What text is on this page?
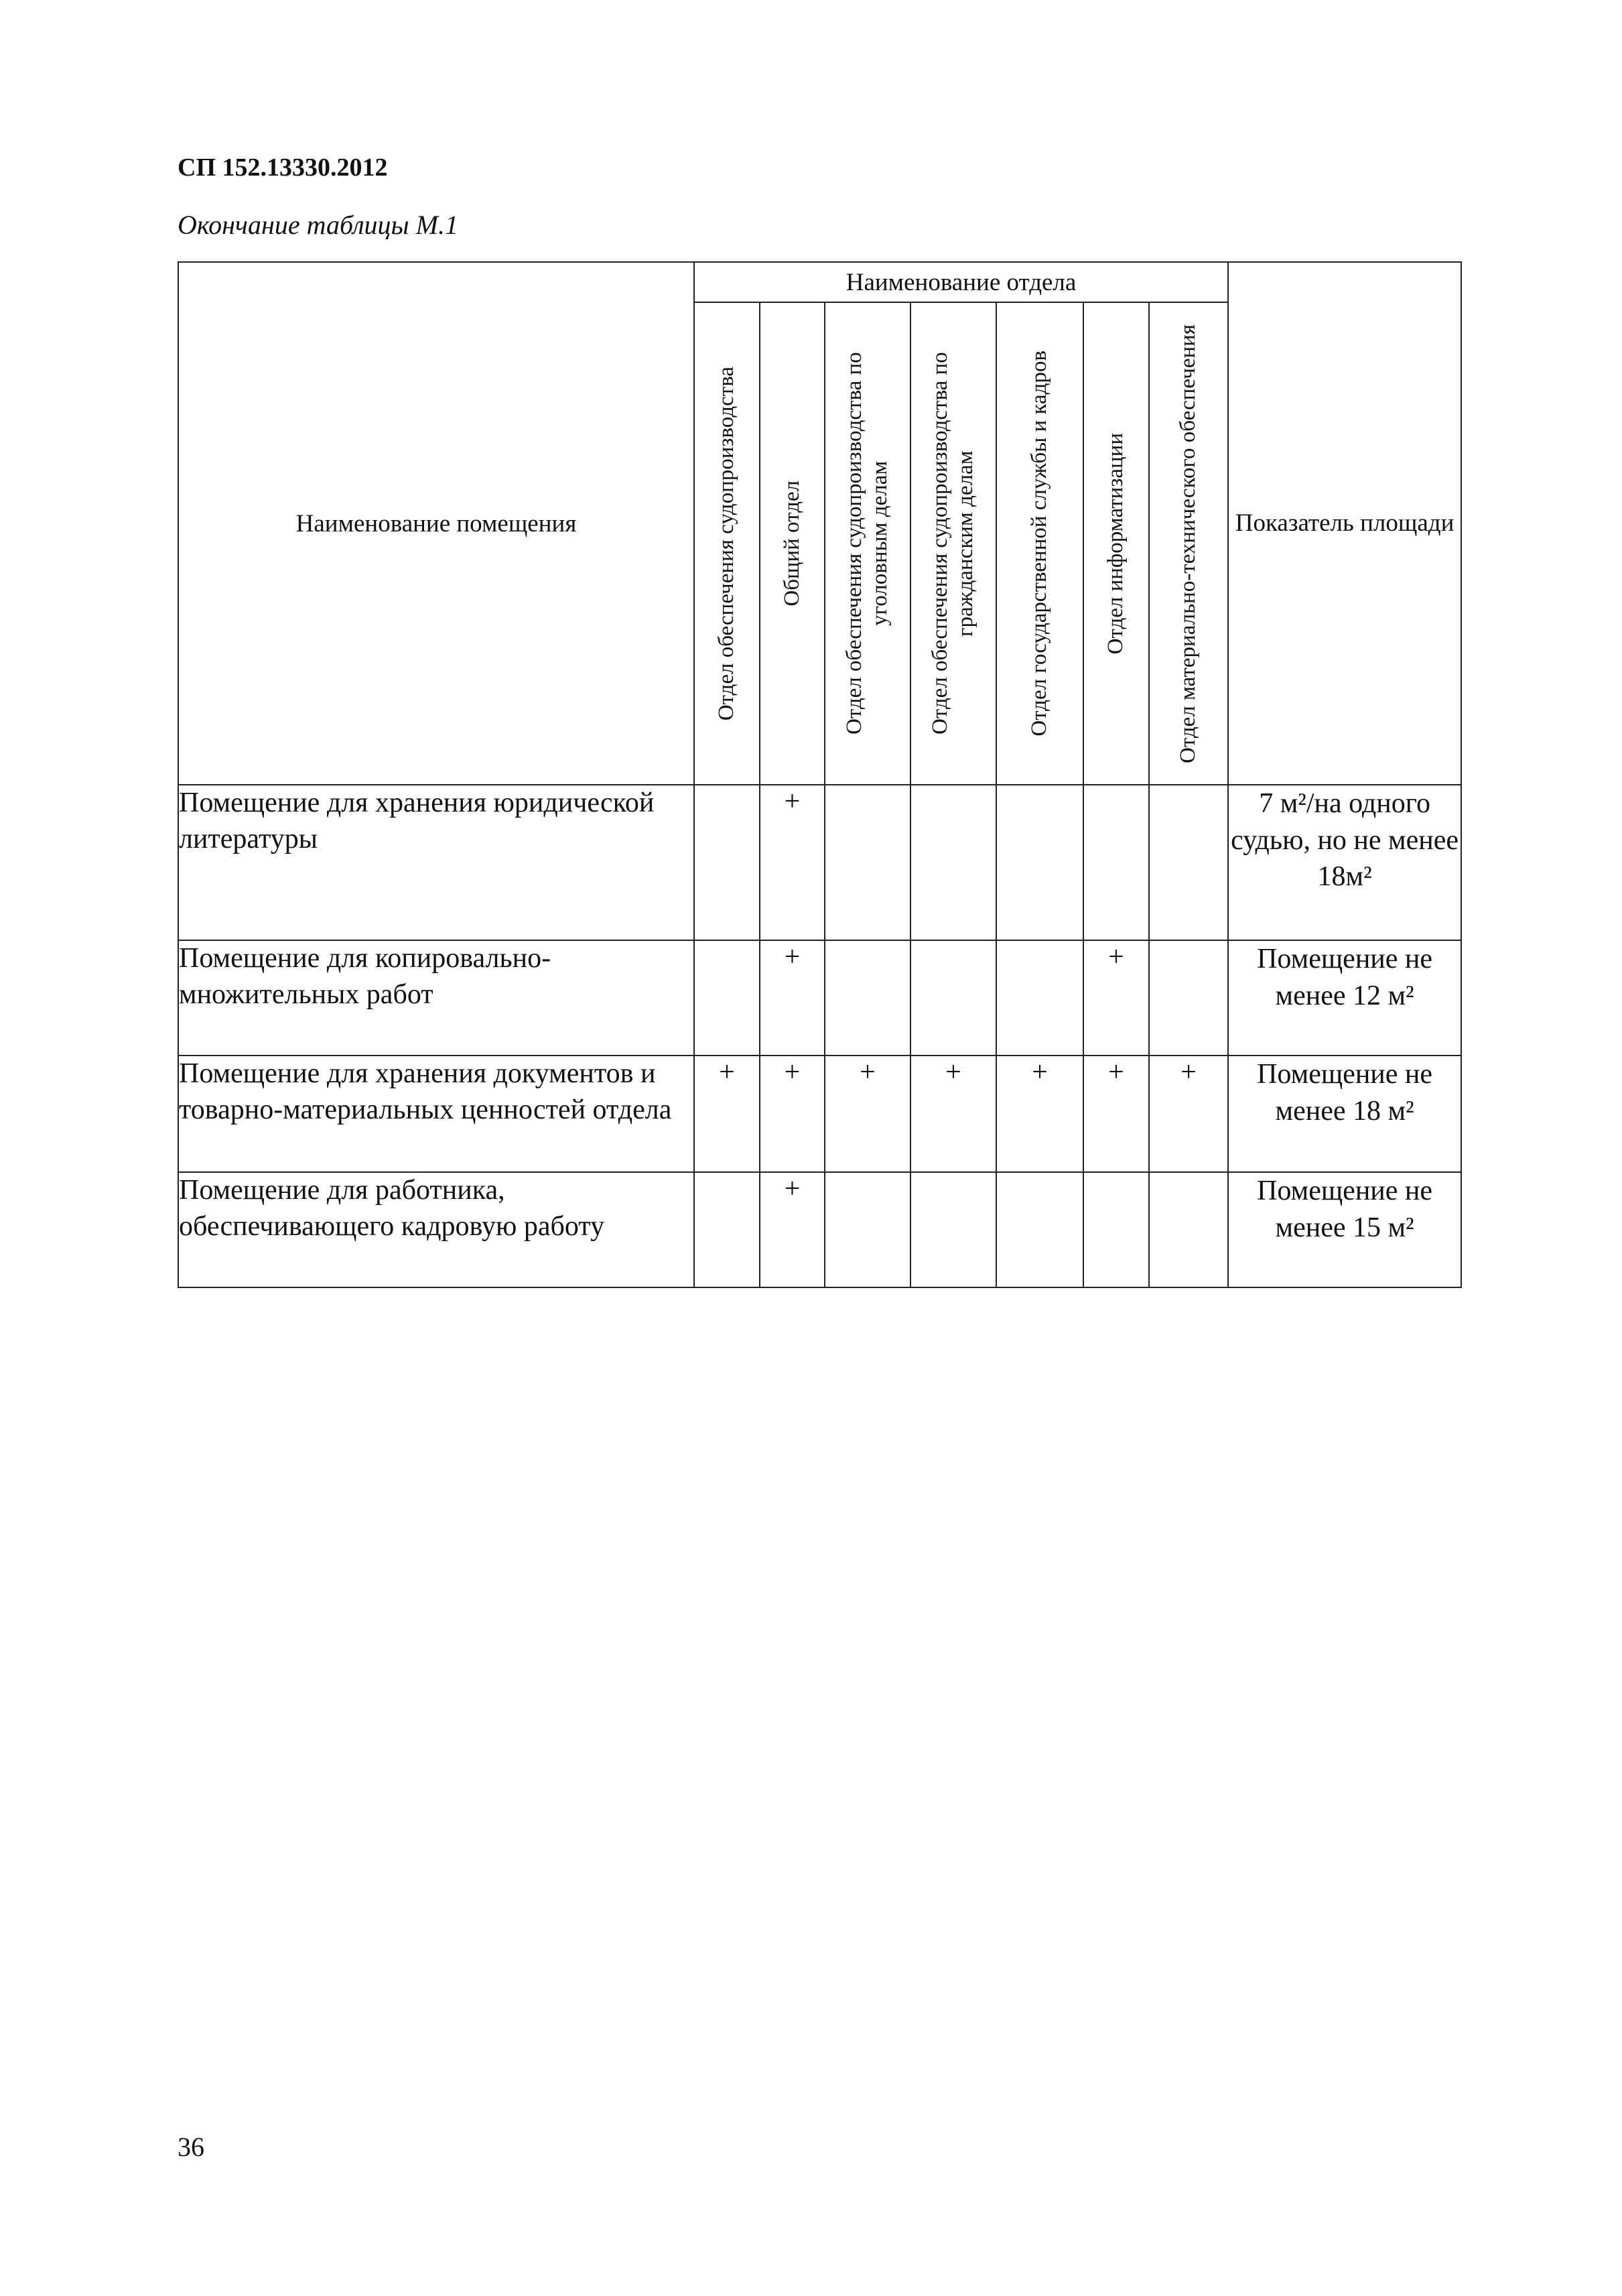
СП 152.13330.2012
Окончание таблицы М.1
Наименование помещения	Наименование отдела							Показатель площади

	Отдел обеспечения судопроизводства	Общий отдел	Отдел обеспечения судопроизводства по уголовным делам	Отдел обеспечения судопроизводства по гражданским делам	Отдел государственной службы и кадров	Отдел информатизации	Отдел материально-технического обеспечения	

Помещение для хранения юридической литературы		+						7 м²/на одного судью, но не менее 18м²
Помещение для копировально-множительных работ		+				+		Помещение не менее 12 м²
Помещение для хранения документов и товарно-материальных ценностей отдела	+	+	+	+	+	+	+	Помещение не менее 18 м²
Помещение для работника, обеспечивающего кадровую работу		+						Помещение не менее 15 м²
36
